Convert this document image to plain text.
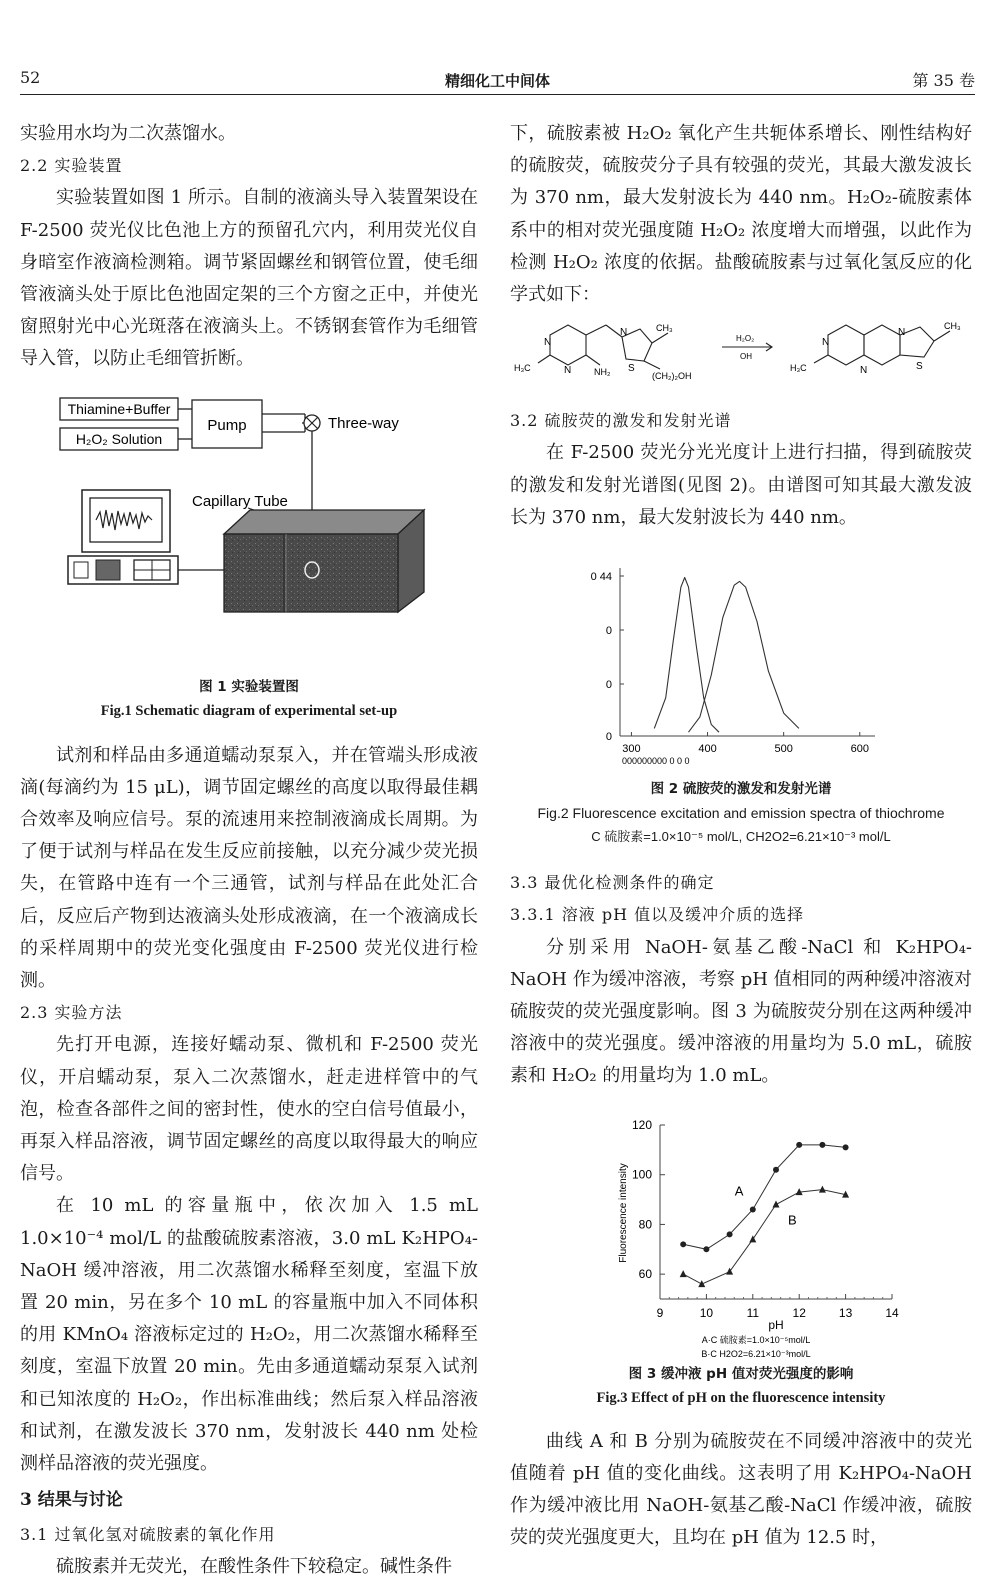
52	精细化工中间体	第 35 卷

实验用水均为二次蒸馏水。

2.2 实验装置

实验装置如图 1 所示。自制的液滴头导入装置架设在 F-2500 荧光仪比色池上方的预留孔穴内，利用荧光仪自身暗室作液滴检测箱。调节紧固螺丝和钢管位置，使毛细管液滴头处于原比色池固定架的三个方窗之正中，并使光窗照射光中心光斑落在液滴头上。不锈钢套管作为毛细管导入管，以防止毛细管折断。

Thiamine+Buffer
H₂O₂ Solution
Pump	Three-way
Capillary Tube
图 1 实验装置图
Fig.1 Schematic diagram of experimental set-up

试剂和样品由多通道蠕动泵泵入，并在管端头形成液滴(每滴约为 15 μL)，调节固定螺丝的高度以取得最佳耦合效率及响应信号。泵的流速用来控制液滴成长周期。为了便于试剂与样品在发生反应前接触，以充分减少荧光损失，在管路中连有一个三通管，试剂与样品在此处汇合后，反应后产物到达液滴头处形成液滴，在一个液滴成长的采样周期中的荧光变化强度由 F-2500 荧光仪进行检测。

2.3 实验方法

先打开电源，连接好蠕动泵、微机和 F-2500 荧光仪，开启蠕动泵，泵入二次蒸馏水，赶走进样管中的气泡，检查各部件之间的密封性，使水的空白信号值最小，再泵入样品溶液，调节固定螺丝的高度以取得最大的响应信号。

在 10 mL 的容量瓶中，依次加入 1.5 mL 1.0×10⁻⁴ mol/L 的盐酸硫胺素溶液，3.0 mL K₂HPO₄-NaOH 缓冲溶液，用二次蒸馏水稀释至刻度，室温下放置 20 min，另在多个 10 mL 的容量瓶中加入不同体积的用 KMnO₄ 溶液标定过的 H₂O₂，用二次蒸馏水稀释至刻度，室温下放置 20 min。先由多通道蠕动泵泵入试剂和已知浓度的 H₂O₂，作出标准曲线；然后泵入样品溶液和试剂，在激发波长 370 nm，发射波长 440 nm 处检测样品溶液的荧光强度。

3 结果与讨论

3.1 过氧化氢对硫胺素的氧化作用

硫胺素并无荧光，在酸性条件下较稳定。碱性条件

下，硫胺素被 H₂O₂ 氧化产生共轭体系增长、刚性结构好的硫胺荧，硫胺荧分子具有较强的荧光，其最大激发波长为 370 nm，最大发射波长为 440 nm。H₂O₂-硫胺素体系中的相对荧光强度随 H₂O₂ 浓度增大而增强，以此作为检测 H₂O₂ 浓度的依据。盐酸硫胺素与过氧化氢反应的化学式如下：

N
N
H₃C	NH₂
N	CH₃
S
(CH₂)₂OH
H₂O₂
OH
N
H₃C	N
N
S
CH₃

3.2 硫胺荧的激发和发射光谱

在 F-2500 荧光分光光度计上进行扫描，得到硫胺荧的激发和发射光谱图(见图 2)。由谱图可知其最大激发波长为 370 nm，最大发射波长为 440 nm。

0 44
0
0
0
300	400	500	600
000000000 0 0 0
图 2 硫胺荧的激发和发射光谱
Fig.2 Fluorescence excitation and emission spectra of thiochrome
C 硫胺素=1.0×10⁻⁵ mol/L, CH2O2=6.21×10⁻³ mol/L

3.3 最优化检测条件的确定

3.3.1 溶液 pH 值以及缓冲介质的选择

分别采用 NaOH-氨基乙酸-NaCl 和 K₂HPO₄-NaOH 作为缓冲溶液，考察 pH 值相同的两种缓冲溶液对硫胺荧的荧光强度影响。图 3 为硫胺荧分别在这两种缓冲溶液中的荧光强度。缓冲溶液的用量均为 5.0 mL，硫胺素和 H₂O₂ 的用量均为 1.0 mL。

60
80
100
120
9	10	11	12	13	14
Fluorescence intensity
pH
A
B
A·C 硫胺素=1.0×10⁻⁵mol/L
B·C H2O2=6.21×10⁻³mol/L
图 3 缓冲液 pH 值对荧光强度的影响
Fig.3 Effect of pH on the fluorescence intensity

曲线 A 和 B 分别为硫胺荧在不同缓冲溶液中的荧光值随着 pH 值的变化曲线。这表明了用 K₂HPO₄-NaOH 作为缓冲液比用 NaOH-氨基乙酸-NaCl 作缓冲液，硫胺荧的荧光强度更大，且均在 pH 值为 12.5 时，
